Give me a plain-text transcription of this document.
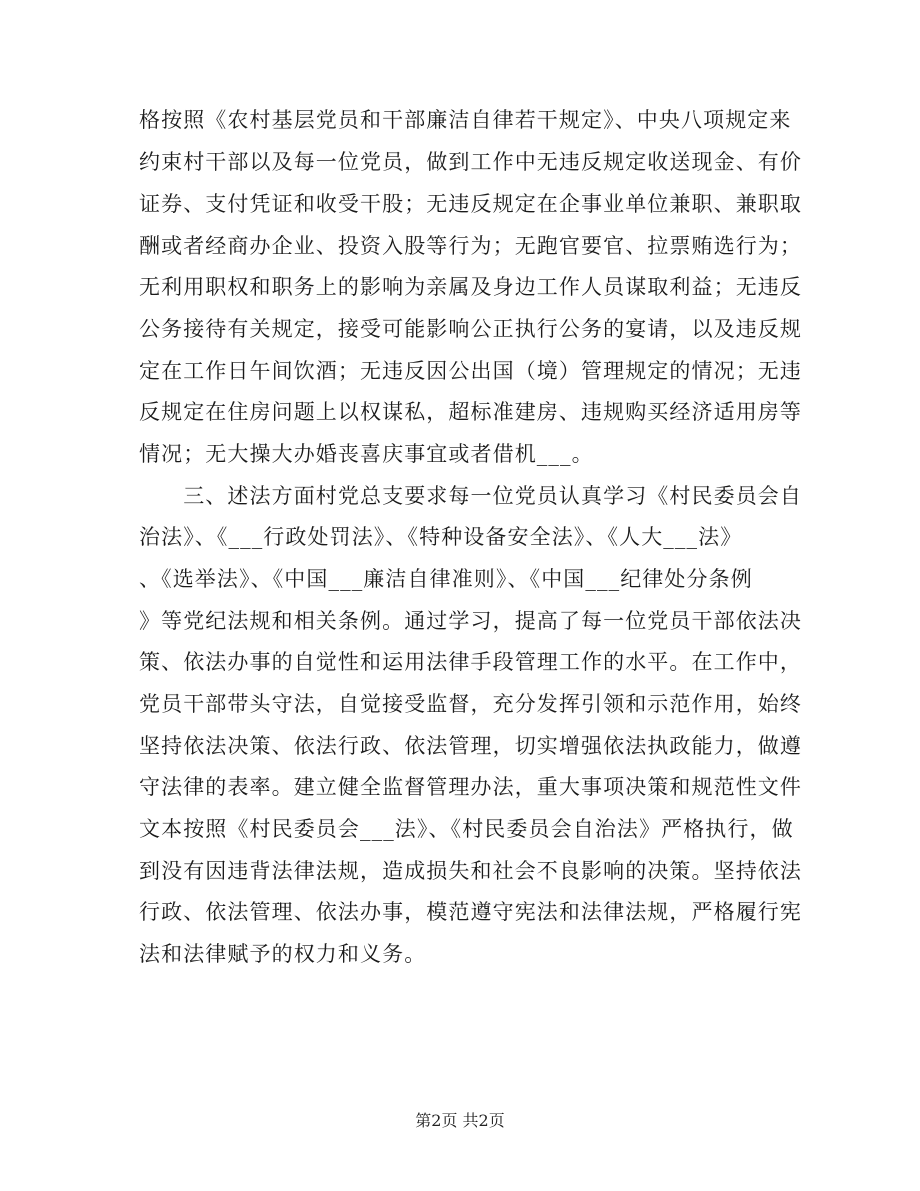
格按照《农村基层党员和干部廉洁自律若干规定》、中央八项规定来
约束村干部以及每一位党员，做到工作中无违反规定收送现金、有价
证券、支付凭证和收受干股；无违反规定在企事业单位兼职、兼职取
酬或者经商办企业、投资入股等行为；无跑官要官、拉票贿选行为；
无利用职权和职务上的影响为亲属及身边工作人员谋取利益；无违反
公务接待有关规定，接受可能影响公正执行公务的宴请，以及违反规
定在工作日午间饮酒；无违反因公出国（境）管理规定的情况；无违
反规定在住房问题上以权谋私，超标准建房、违规购买经济适用房等
情况；无大操大办婚丧喜庆事宜或者借机___。
　　三、述法方面村党总支要求每一位党员认真学习《村民委员会自
治法》、《___行政处罚法》、《特种设备安全法》、《人大___法》
、《选举法》、《中国___廉洁自律准则》、《中国___纪律处分条例
》等党纪法规和相关条例。通过学习，提高了每一位党员干部依法决
策、依法办事的自觉性和运用法律手段管理工作的水平。在工作中，
党员干部带头守法，自觉接受监督，充分发挥引领和示范作用，始终
坚持依法决策、依法行政、依法管理，切实增强依法执政能力，做遵
守法律的表率。建立健全监督管理办法，重大事项决策和规范性文件
文本按照《村民委员会___法》、《村民委员会自治法》严格执行，做
到没有因违背法律法规，造成损失和社会不良影响的决策。坚持依法
行政、依法管理、依法办事，模范遵守宪法和法律法规，严格履行宪
法和法律赋予的权力和义务。
第2页 共2页
